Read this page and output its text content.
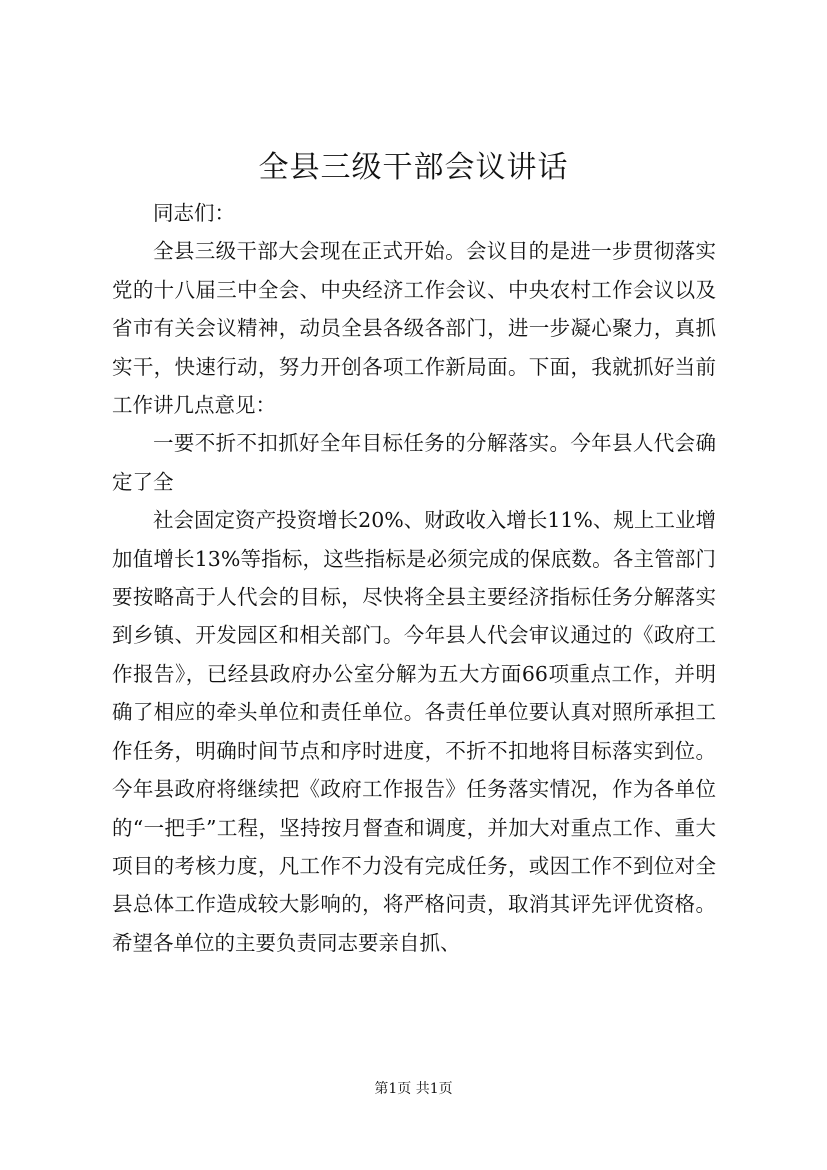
全县三级干部会议讲话

同志们：

全县三级干部大会现在正式开始。会议目的是进一步贯彻落实党的十八届三中全会、中央经济工作会议、中央农村工作会议以及省市有关会议精神，动员全县各级各部门，进一步凝心聚力，真抓实干，快速行动，努力开创各项工作新局面。下面，我就抓好当前工作讲几点意见：

一要不折不扣抓好全年目标任务的分解落实。今年县人代会确定了全

社会固定资产投资增长20%、财政收入增长11%、规上工业增加值增长13%等指标，这些指标是必须完成的保底数。各主管部门要按略高于人代会的目标，尽快将全县主要经济指标任务分解落实到乡镇、开发园区和相关部门。今年县人代会审议通过的《政府工作报告》，已经县政府办公室分解为五大方面66项重点工作，并明确了相应的牵头单位和责任单位。各责任单位要认真对照所承担工作任务，明确时间节点和序时进度，不折不扣地将目标落实到位。今年县政府将继续把《政府工作报告》任务落实情况，作为各单位的“一把手”工程，坚持按月督查和调度，并加大对重点工作、重大项目的考核力度，凡工作不力没有完成任务，或因工作不到位对全县总体工作造成较大影响的，将严格问责，取消其评先评优资格。希望各单位的主要负责同志要亲自抓、

第1页 共1页
